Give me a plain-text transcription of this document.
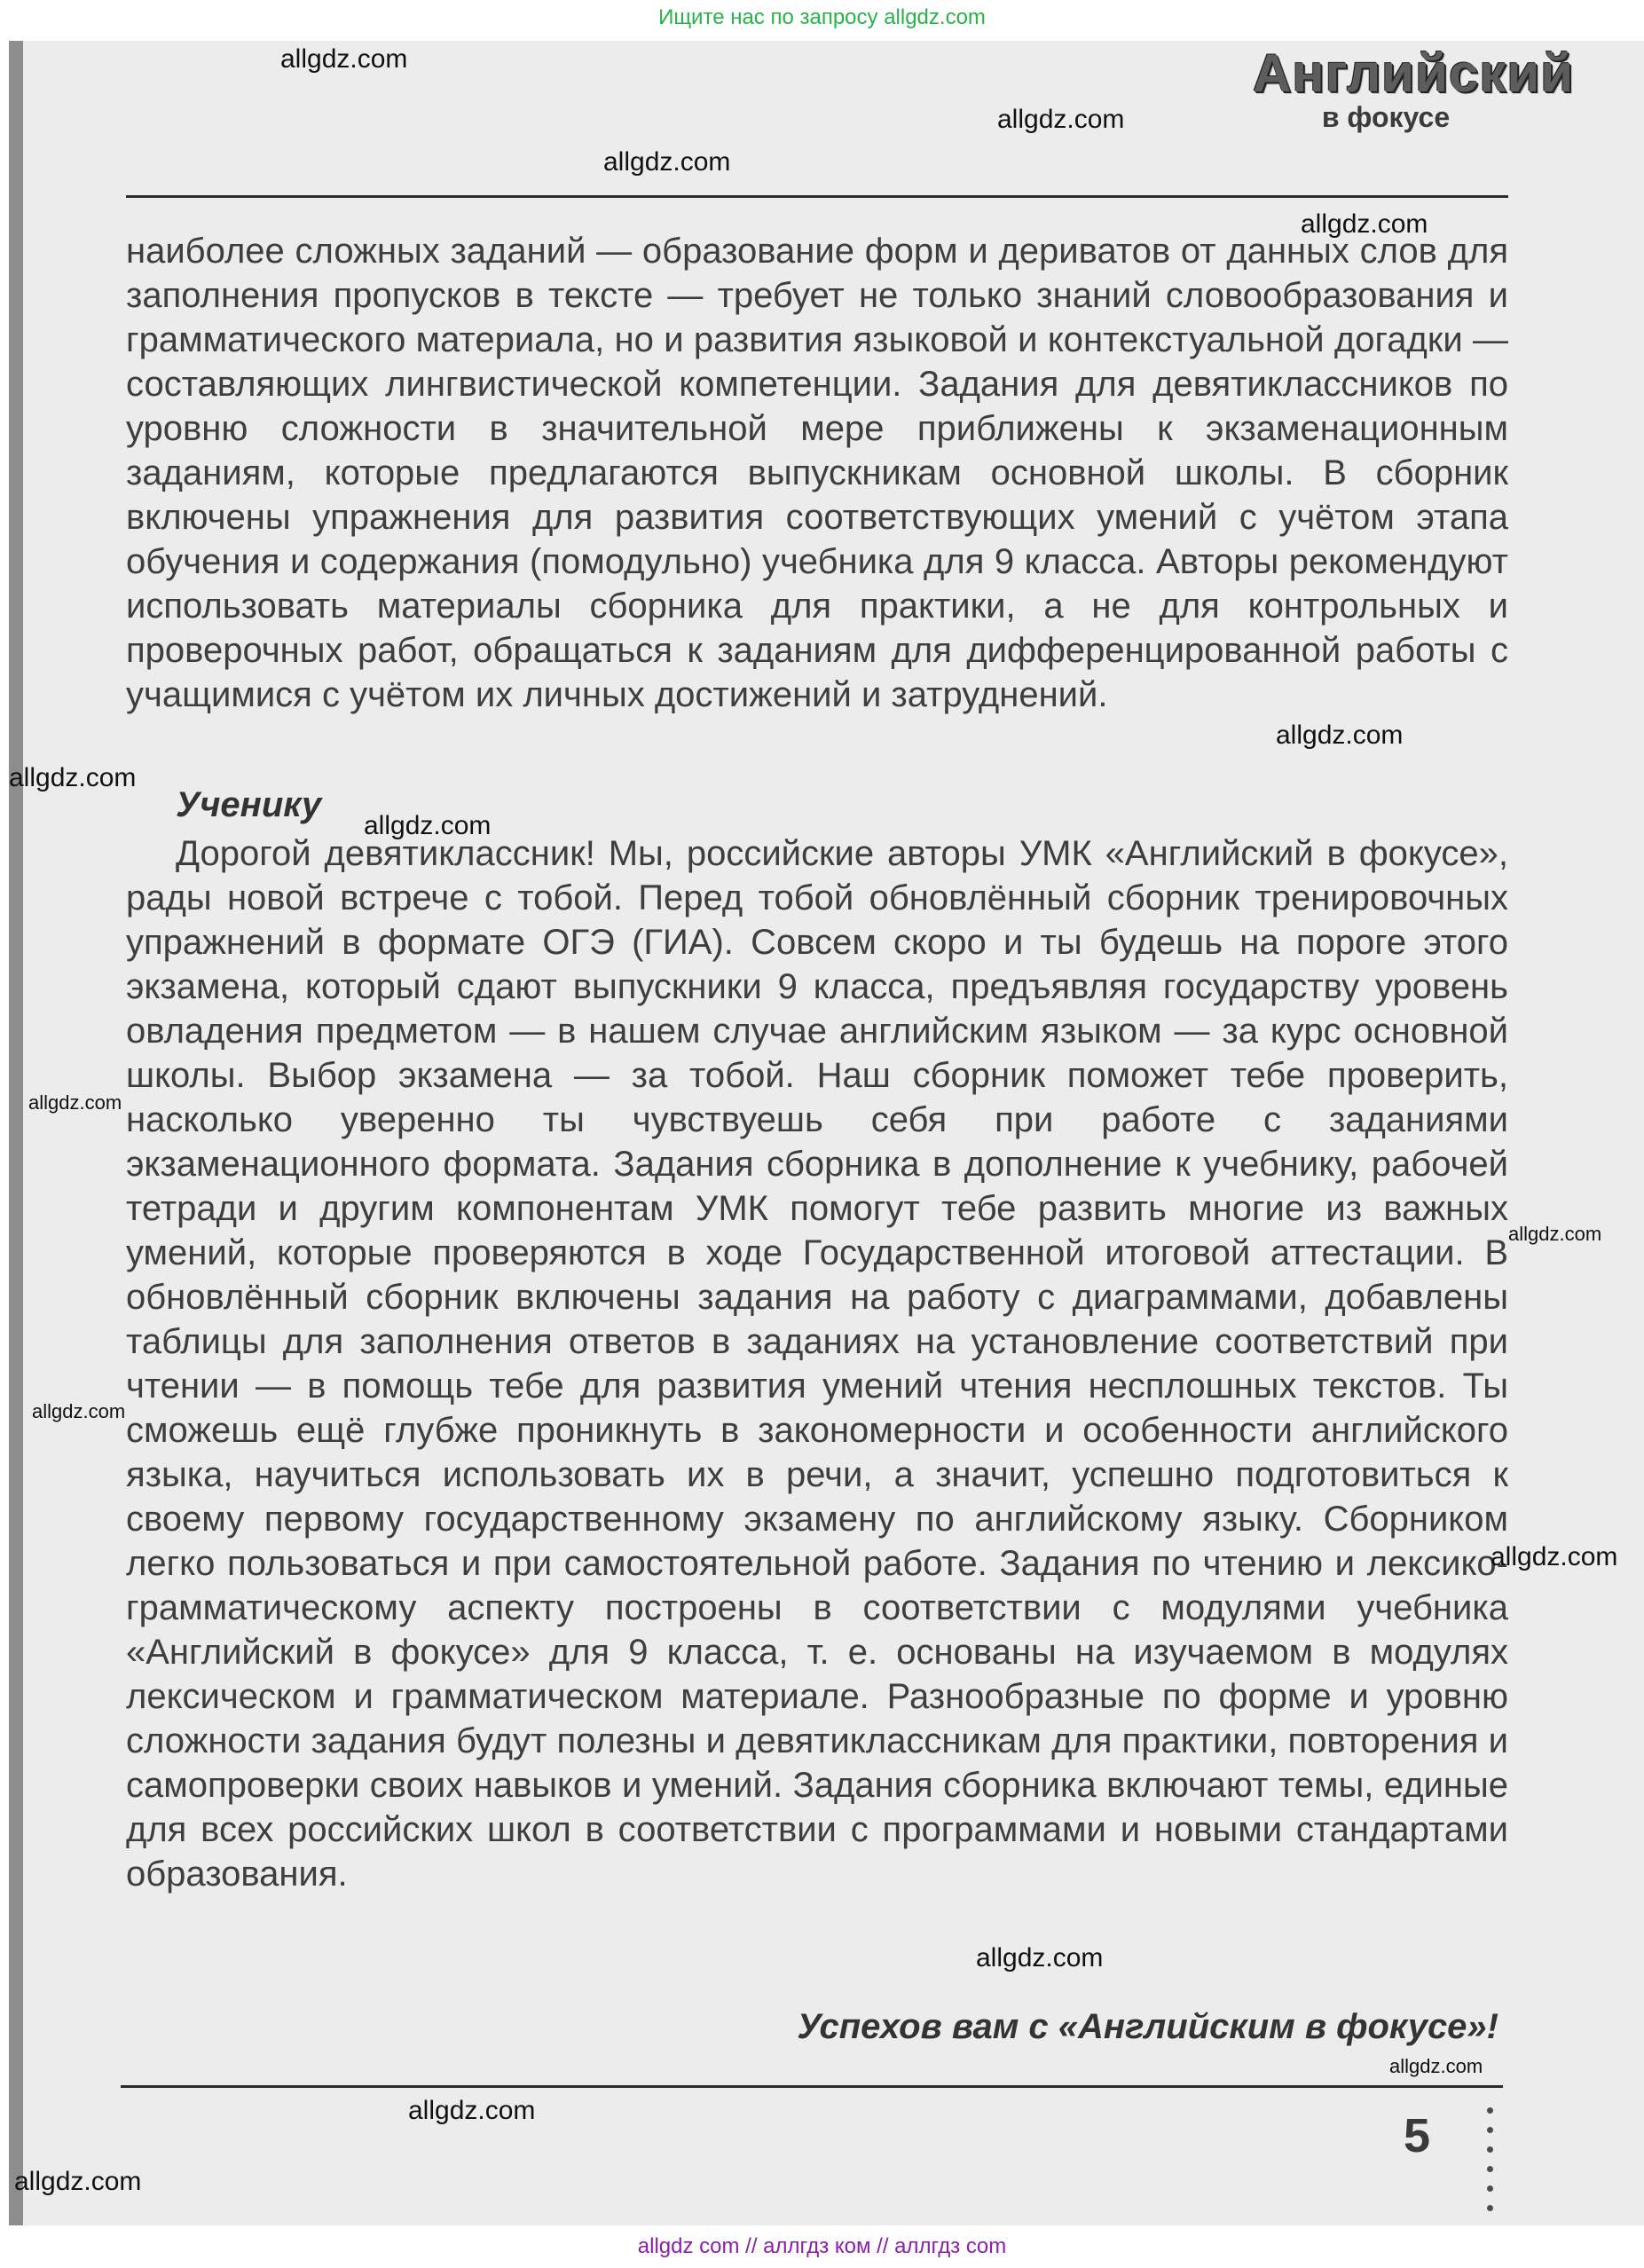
Ищите нас по запросу allgdz.com
Английский
в фокусе

наиболее сложных заданий — образование форм и дериватов от данных слов для заполнения пропусков в тексте — требует не только знаний словообразования и грамматического материала, но и развития языковой и контекстуальной догадки — составляющих лингвистической компетенции. Задания для девятиклассников по уровню сложности в значительной мере приближены к экзаменационным заданиям, которые предлагаются выпускникам основной школы. В сборник включены упражнения для развития соответствующих умений с учётом этапа обучения и содержания (помодульно) учебника для 9 класса. Авторы рекомендуют использовать материалы сборника для практики, а не для контрольных и проверочных работ, обращаться к заданиям для дифференцированной работы с учащимися с учётом их личных достижений и затруднений.

Ученику

Дорогой девятиклассник! Мы, российские авторы УМК «Английский в фокусе», рады новой встрече с тобой. Перед тобой обновлённый сборник тренировочных упражнений в формате ОГЭ (ГИА). Совсем скоро и ты будешь на пороге этого экзамена, который сдают выпускники 9 класса, предъявляя государству уровень овладения предметом — в нашем случае английским языком — за курс основной школы. Выбор экзамена — за тобой. Наш сборник поможет тебе проверить, насколько уверенно ты чувствуешь себя при работе с заданиями экзаменационного формата. Задания сборника в дополнение к учебнику, рабочей тетради и другим компонентам УМК помогут тебе развить многие из важных умений, которые проверяются в ходе Государственной итоговой аттестации. В обновлённый сборник включены задания на работу с диаграммами, добавлены таблицы для заполнения ответов в заданиях на установление соответствий при чтении — в помощь тебе для развития умений чтения несплошных текстов. Ты сможешь ещё глубже проникнуть в закономерности и особенности английского языка, научиться использовать их в речи, а значит, успешно подготовиться к своему первому государственному экзамену по английскому языку. Сборником легко пользоваться и при самостоятельной работе. Задания по чтению и лексико-грамматическому аспекту построены в соответствии с модулями учебника «Английский в фокусе» для 9 класса, т. е. основаны на изучаемом в модулях лексическом и грамматическом материале. Разнообразные по форме и уровню сложности задания будут полезны и девятиклассникам для практики, повторения и самопроверки своих навыков и умений. Задания сборника включают темы, единые для всех российских школ в соответствии с программами и новыми стандартами образования.

Успехов вам с «Английским в фокусе»!
5
allgdz.com
allgdz.com
allgdz.com
allgdz.com
allgdz.com
allgdz.com
allgdz.com
allgdz.com
allgdz.com
allgdz.com
allgdz.com
allgdz.com
allgdz.com
allgdz.com
allgdz.com
allgdz com // аллгдз ком // аллгдз com
